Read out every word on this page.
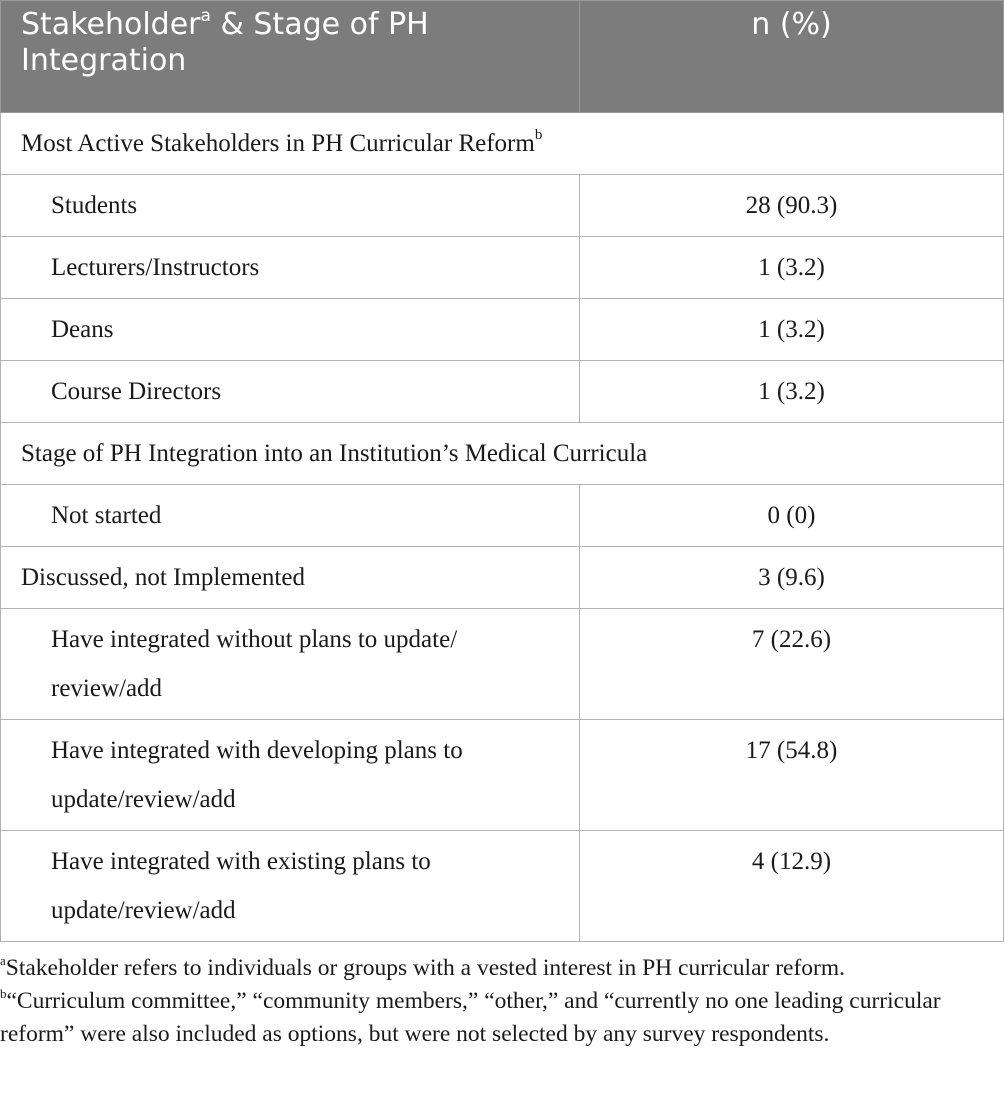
Stakeholder$^a$ & Stage of PH Integration	n (%)

Most Active Stakeholders in PH Curricular Reform$^b$

Students	28 (90.3)

Lecturers/Instructors	1 (3.2)

Deans	1 (3.2)

Course Directors	1 (3.2)

Stage of PH Integration into an Institution’s Medical Curricula	

Not started	0 (0)

Discussed, not Implemented	3 (9.6)

Have integrated without plans to update/ review/add	7 (22.6)

Have integrated with developing plans to update/review/add	17 (54.8)

Have integrated with existing plans to update/review/add	4 (12.9)

$^a$Stakeholder refers to individuals or groups with a vested interest in PH curricular reform.

$^b$“Curriculum committee,” “community members,” “other,” and “currently no one leading curricular reform” were also included as options, but were not selected by any survey respondents.
